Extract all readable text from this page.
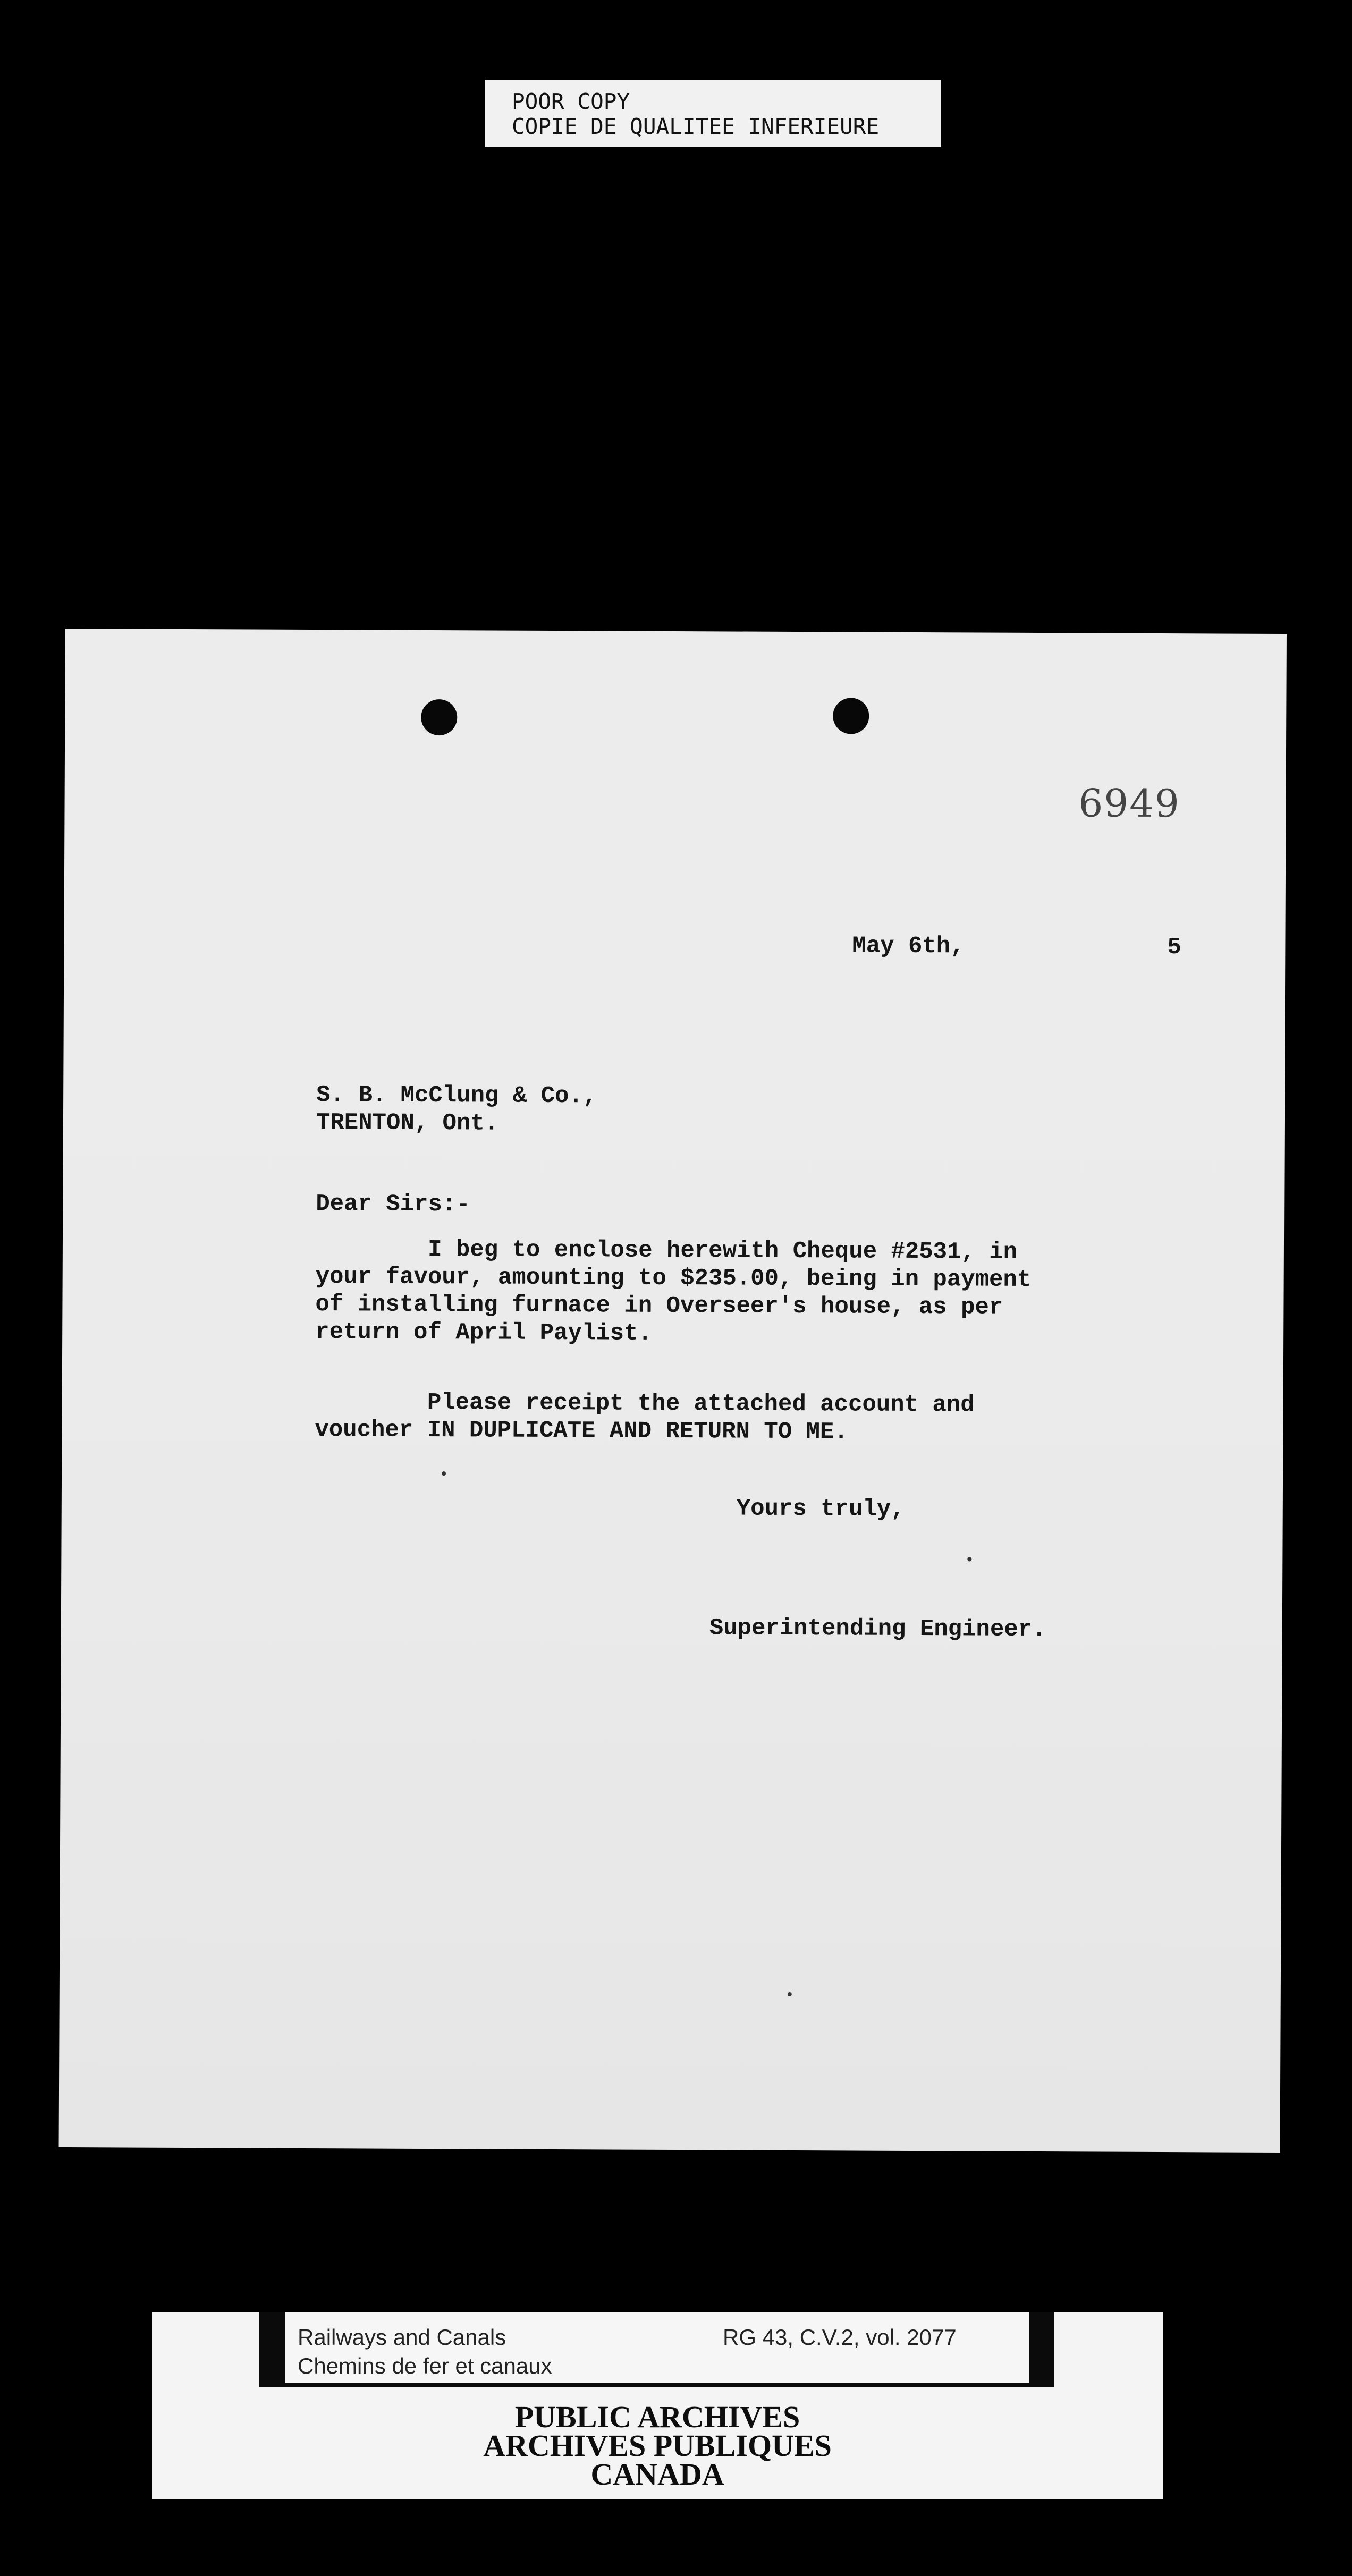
POOR COPY
COPIE DE QUALITEE INFERIEURE
6949
May 6th,	5
S. B. McClung & Co.,
TRENTON, Ont.
Dear Sirs:-
I beg to enclose herewith Cheque #2531, in
your favour, amounting to $235.00, being in payment
of installing furnace in Overseer's house, as per
return of April Paylist.
Please receipt the attached account and
voucher IN DUPLICATE AND RETURN TO ME.
Yours truly,
Superintending Engineer.
Railways and Canals
Chemins de fer et canaux
RG 43, C.V.2, vol. 2077
PUBLIC ARCHIVES
ARCHIVES PUBLIQUES
CANADA
